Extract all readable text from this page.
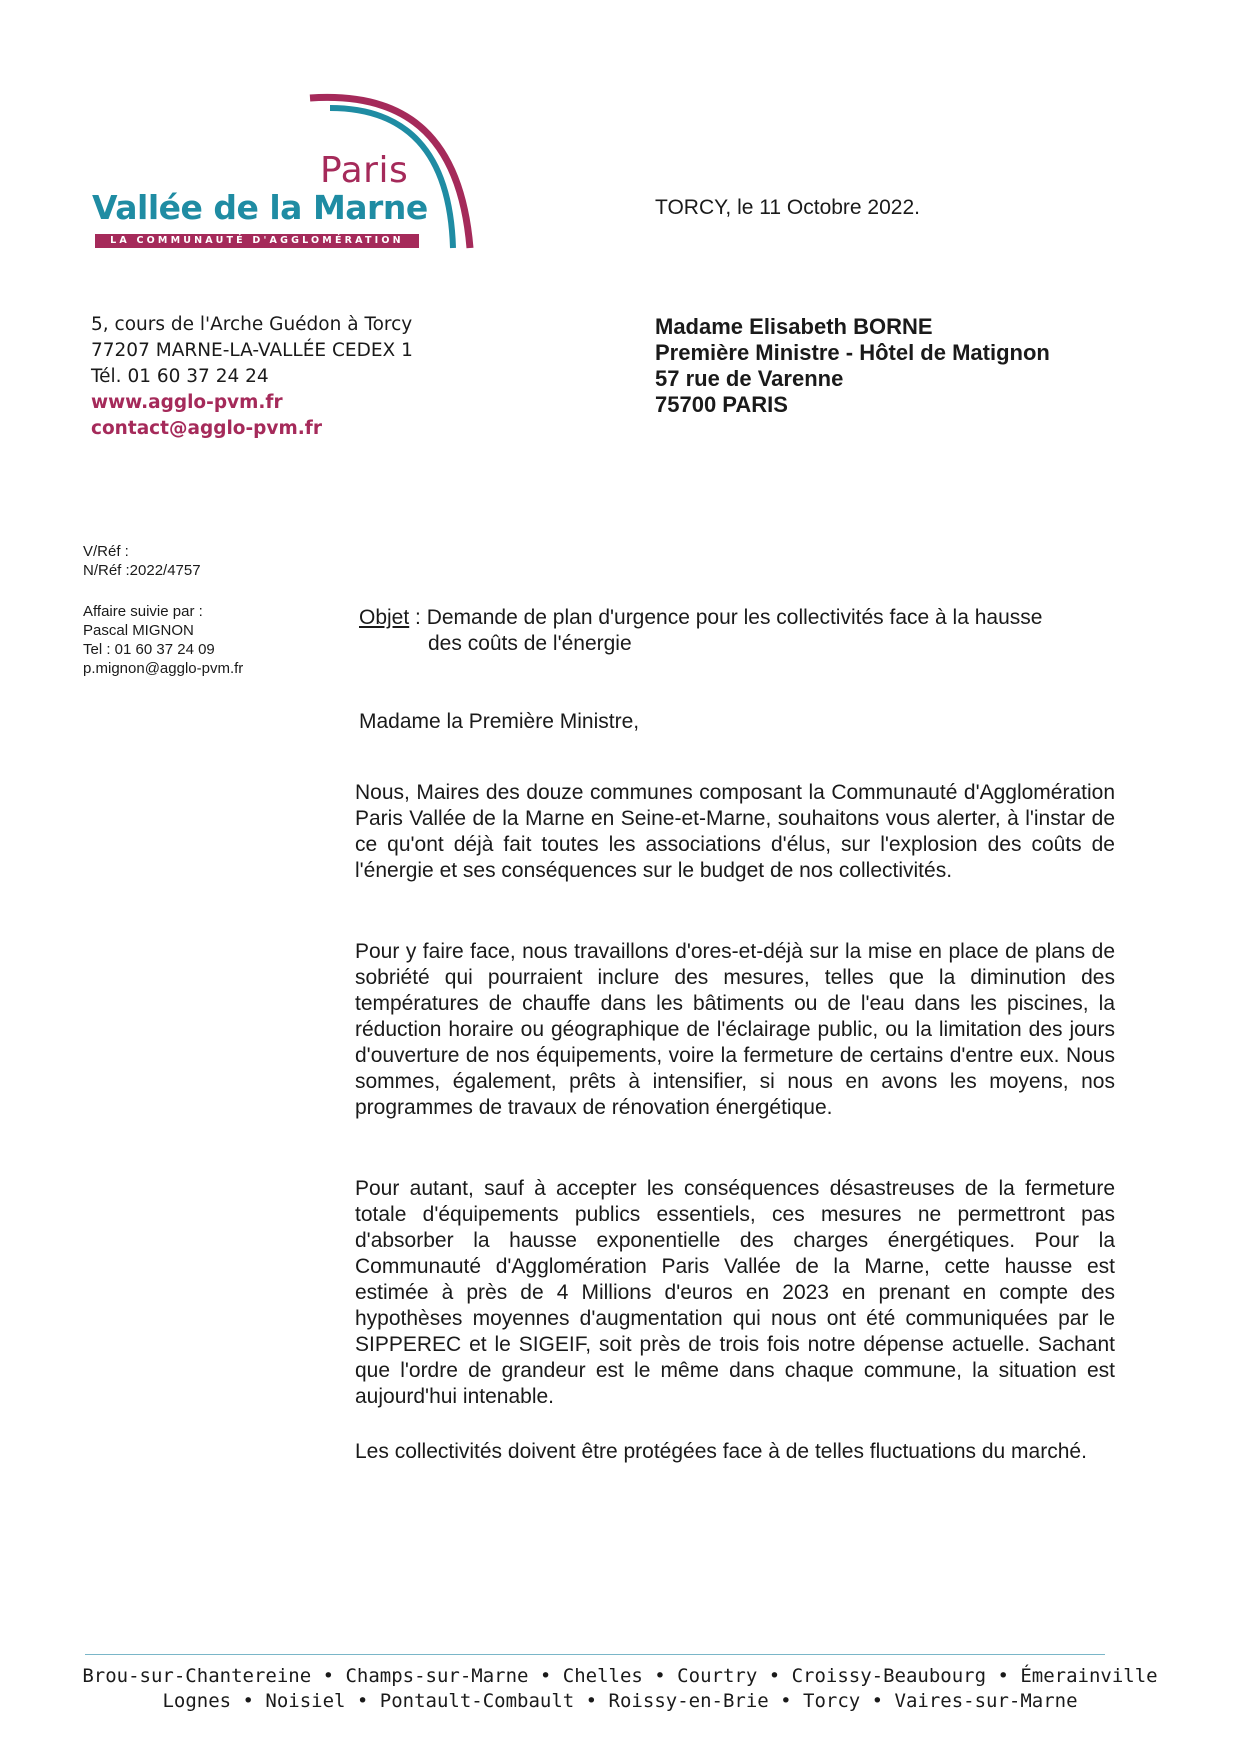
Paris
Vallée de la Marne
LA COMMUNAUTÉ D'AGGLOMÉRATION
TORCY, le 11 Octobre 2022.
5, cours de l'Arche Guédon à Torcy
77207 MARNE-LA-VALLÉE CEDEX 1
Tél. 01 60 37 24 24
www.agglo-pvm.fr
contact@agglo-pvm.fr
Madame Elisabeth BORNE
Première Ministre - Hôtel de Matignon
57 rue de Varenne
75700 PARIS
V/Réf :
N/Réf :2022/4757
Affaire suivie par :
Pascal MIGNON
Tel : 01 60 37 24 09
p.mignon@agglo-pvm.fr
Objet : Demande de plan d'urgence pour les collectivités face à la hausse
des coûts de l'énergie
Madame la Première Ministre,

Nous, Maires des douze communes composant la Communauté d'Agglomération Paris Vallée de la Marne en Seine-et-Marne, souhaitons vous alerter, à l'instar de ce qu'ont déjà fait toutes les associations d'élus, sur l'explosion des coûts de l'énergie et ses conséquences sur le budget de nos collectivités.

Pour y faire face, nous travaillons d'ores-et-déjà sur la mise en place de plans de sobriété qui pourraient inclure des mesures, telles que la diminution des températures de chauffe dans les bâtiments ou de l'eau dans les piscines, la réduction horaire ou géographique de l'éclairage public, ou la limitation des jours d'ouverture de nos équipements, voire la fermeture de certains d'entre eux. Nous sommes, également, prêts à intensifier, si nous en avons les moyens, nos programmes de travaux de rénovation énergétique.

Pour autant, sauf à accepter les conséquences désastreuses de la fermeture totale d'équipements publics essentiels, ces mesures ne permettront pas d'absorber la hausse exponentielle des charges énergétiques. Pour la Communauté d'Agglomération Paris Vallée de la Marne, cette hausse est estimée à près de 4 Millions d'euros en 2023 en prenant en compte des hypothèses moyennes d'augmentation qui nous ont été communiquées par le SIPPEREC et le SIGEIF, soit près de trois fois notre dépense actuelle. Sachant que l'ordre de grandeur est le même dans chaque commune, la situation est aujourd'hui intenable.

Les collectivités doivent être protégées face à de telles fluctuations du marché.

Brou-sur-Chantereine • Champs-sur-Marne • Chelles • Courtry • Croissy-Beaubourg • Émerainville
Lognes • Noisiel • Pontault-Combault • Roissy-en-Brie • Torcy • Vaires-sur-Marne
